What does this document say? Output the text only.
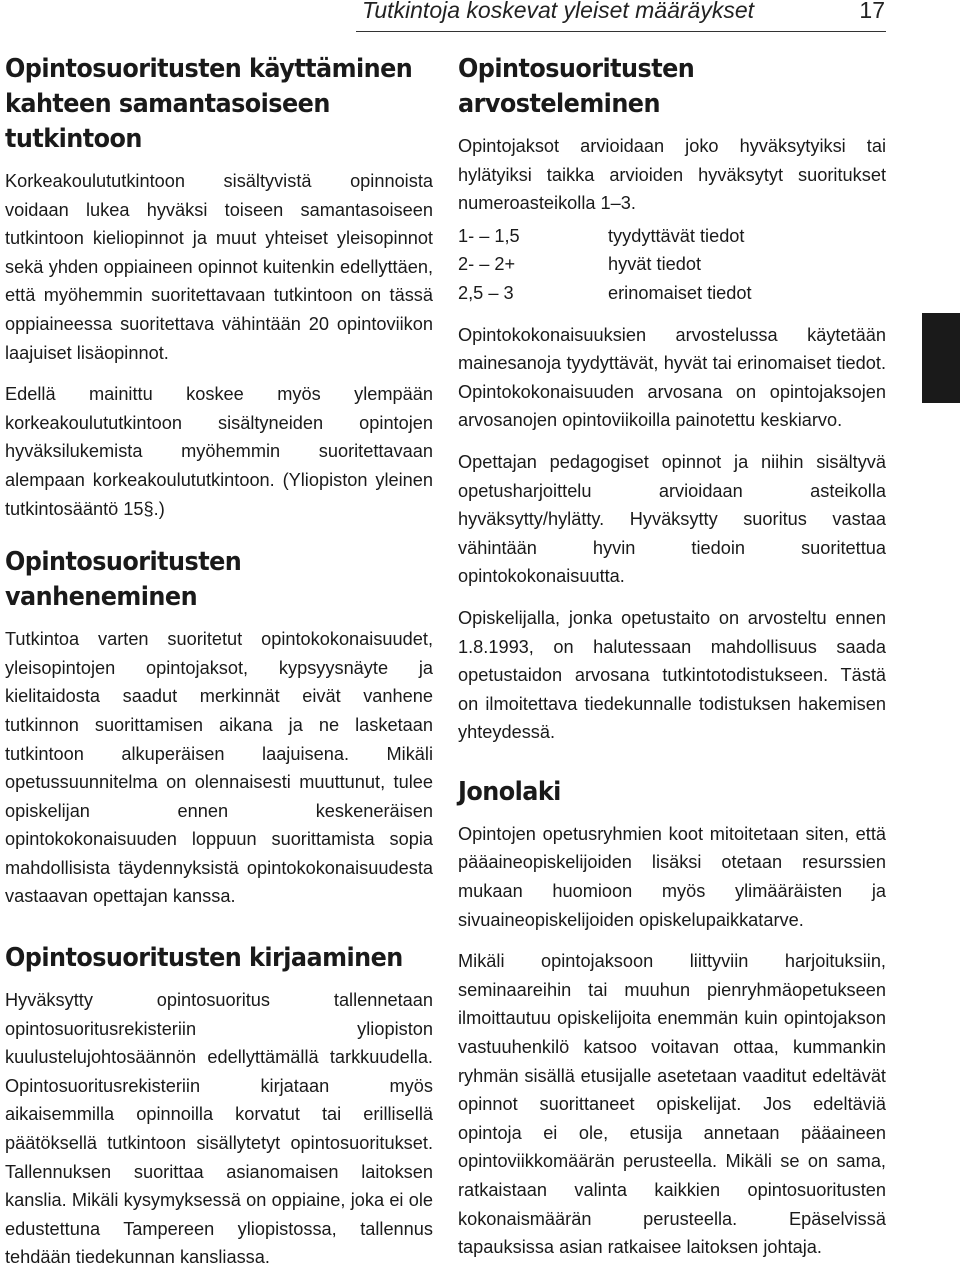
Tutkintoja koskevat yleiset määräykset	17
Opintosuoritusten käyttäminen kahteen samantasoiseen tutkintoon

Korkeakoulututkintoon sisältyvistä opinnoista voidaan lukea hyväksi toiseen samantasoiseen tutkintoon kieliopinnot ja muut yhteiset yleisopinnot sekä yhden oppiaineen opinnot kuitenkin edellyttäen, että myöhemmin suoritettavaan tutkintoon on tässä oppiaineessa suoritettava vähintään 20 opintoviikon laajuiset lisäopinnot.

Edellä mainittu koskee myös ylempään korkeakoulututkintoon sisältyneiden opintojen hyväksilukemista myöhemmin suoritettavaan alempaan korkeakoulututkintoon. (Yliopiston yleinen tutkintosääntö 15§.)

Opintosuoritusten vanheneminen

Tutkintoa varten suoritetut opintokokonaisuudet, yleisopintojen opintojaksot, kypsyysnäyte ja kielitaidosta saadut merkinnät eivät vanhene tutkinnon suorittamisen aikana ja ne lasketaan tutkintoon alkuperäisen laajuisena. Mikäli opetussuunnitelma on olennaisesti muuttunut, tulee opiskelijan ennen keskeneräisen opintokokonaisuuden loppuun suorittamista sopia mahdollisista täydennyksistä opintokokonaisuudesta vastaavan opettajan kanssa.

Opintosuoritusten kirjaaminen

Hyväksytty opintosuoritus tallennetaan opintosuoritusrekisteriin yliopiston kuulustelujohtosäännön edellyttämällä tarkkuudella. Opintosuoritusrekisteriin kirjataan myös aikaisemmilla opinnoilla korvatut tai erillisellä päätöksellä tutkintoon sisällytetyt opintosuoritukset. Tallennuksen suorittaa asianomaisen laitoksen kanslia. Mikäli kysymyksessä on oppiaine, joka ei ole edustettuna Tampereen yliopistossa, tallennus tehdään tiedekunnan kansliassa.

Opintosuoritusten arvosteleminen

Opintojaksot arvioidaan joko hyväksytyiksi tai hylätyiksi taikka arvioiden hyväksytyt suoritukset numeroasteikolla 1–3.

1- – 1,5	tyydyttävät tiedot
2- – 2+	hyvät tiedot
2,5 – 3	erinomaiset tiedot

Opintokokonaisuuksien arvostelussa käytetään mainesanoja tyydyttävät, hyvät tai erinomaiset tiedot. Opintokokonaisuuden arvosana on opintojaksojen arvosanojen opintoviikoilla painotettu keskiarvo.

Opettajan pedagogiset opinnot ja niihin sisältyvä opetusharjoittelu arvioidaan asteikolla hyväksytty/hylätty. Hyväksytty suoritus vastaa vähintään hyvin tiedoin suoritettua opintokokonaisuutta.

Opiskelijalla, jonka opetustaito on arvosteltu ennen 1.8.1993, on halutessaan mahdollisuus saada opetustaidon arvosana tutkintotodistukseen. Tästä on ilmoitettava tiedekunnalle todistuksen hakemisen yhteydessä.

Jonolaki

Opintojen opetusryhmien koot mitoitetaan siten, että pääaineopiskelijoiden lisäksi otetaan resurssien mukaan huomioon myös ylimääräisten ja sivuaineopiskelijoiden opiskelupaikkatarve.

Mikäli opintojaksoon liittyviin harjoituksiin, seminaareihin tai muuhun pienryhmäopetukseen ilmoittautuu opiskelijoita enemmän kuin opintojakson vastuuhenkilö katsoo voitavan ottaa, kummankin ryhmän sisällä etusijalle asetetaan vaaditut edeltävät opinnot suorittaneet opiskelijat. Jos edeltäviä opintoja ei ole, etusija annetaan pääaineen opintoviikkomäärän perusteella. Mikäli se on sama, ratkaistaan valinta kaikkien opintosuoritusten kokonaismäärän perusteella. Epäselvissä tapauksissa asian ratkaisee laitoksen johtaja.
